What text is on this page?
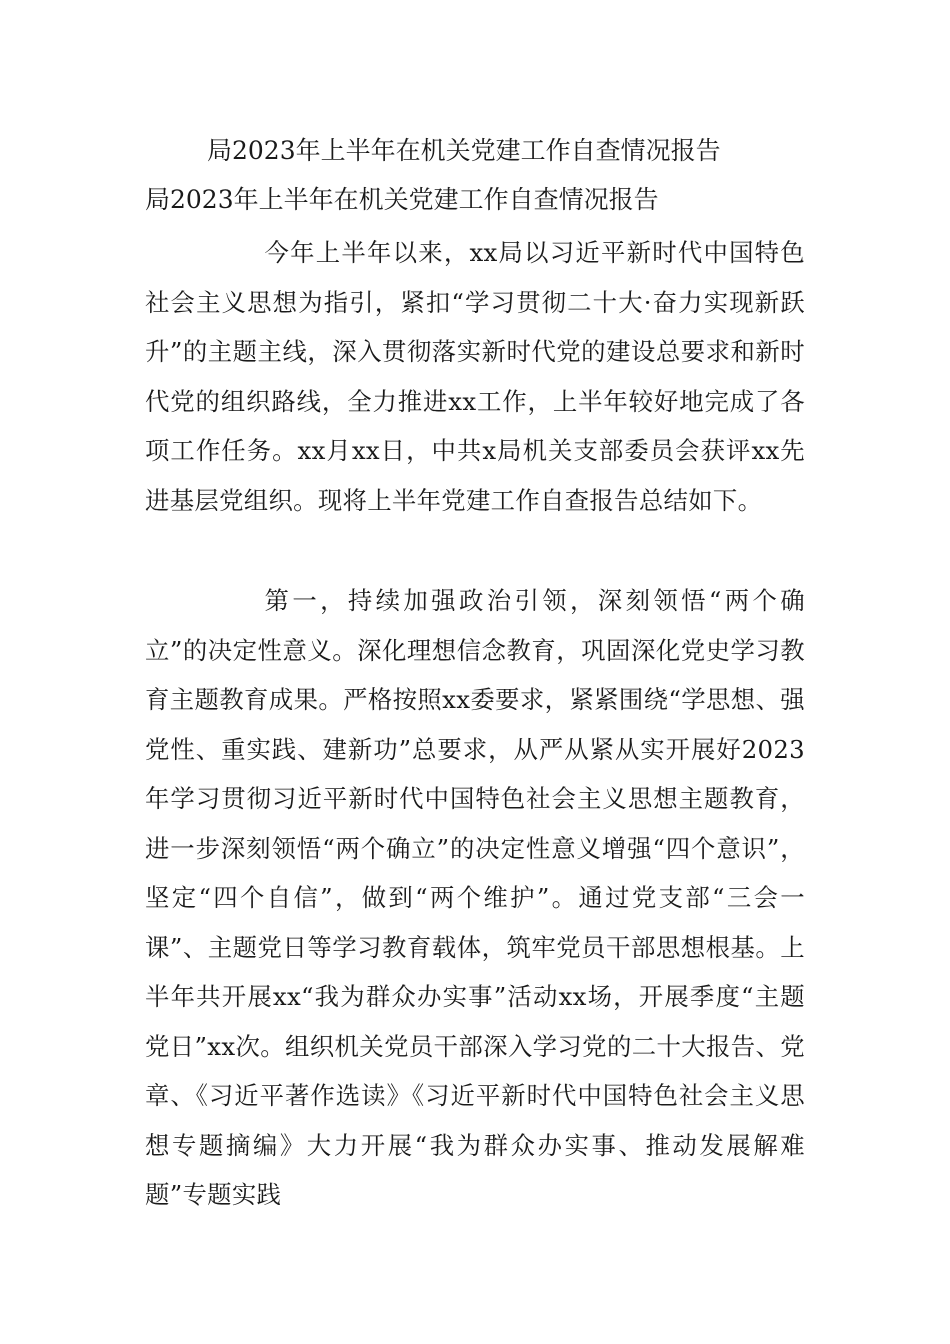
局2023年上半年在机关党建工作自查情况报告
局2023年上半年在机关党建工作自查情况报告

今年上半年以来，xx局以习近平新时代中国特色社会主义思想为指引，紧扣“学习贯彻二十大·奋力实现新跃升”的主题主线，深入贯彻落实新时代党的建设总要求和新时代党的组织路线，全力推进xx工作，上半年较好地完成了各项工作任务。xx月xx日，中共x局机关支部委员会获评xx先进基层党组织。现将上半年党建工作自查报告总结如下。

第一，持续加强政治引领，深刻领悟“两个确立”的决定性意义。深化理想信念教育，巩固深化党史学习教育主题教育成果。严格按照xx委要求，紧紧围绕“学思想、强党性、重实践、建新功”总要求，从严从紧从实开展好2023年学习贯彻习近平新时代中国特色社会主义思想主题教育，进一步深刻领悟“两个确立”的决定性意义增强“四个意识”，坚定“四个自信”，做到“两个维护”。通过党支部“三会一课”、主题党日等学习教育载体，筑牢党员干部思想根基。上半年共开展xx“我为群众办实事”活动xx场，开展季度“主题党日”xx次。组织机关党员干部深入学习党的二十大报告、党章、《习近平著作选读》《习近平新时代中国特色社会主义思想专题摘编》大力开展“我为群众办实事、推动发展解难题”专题实践
